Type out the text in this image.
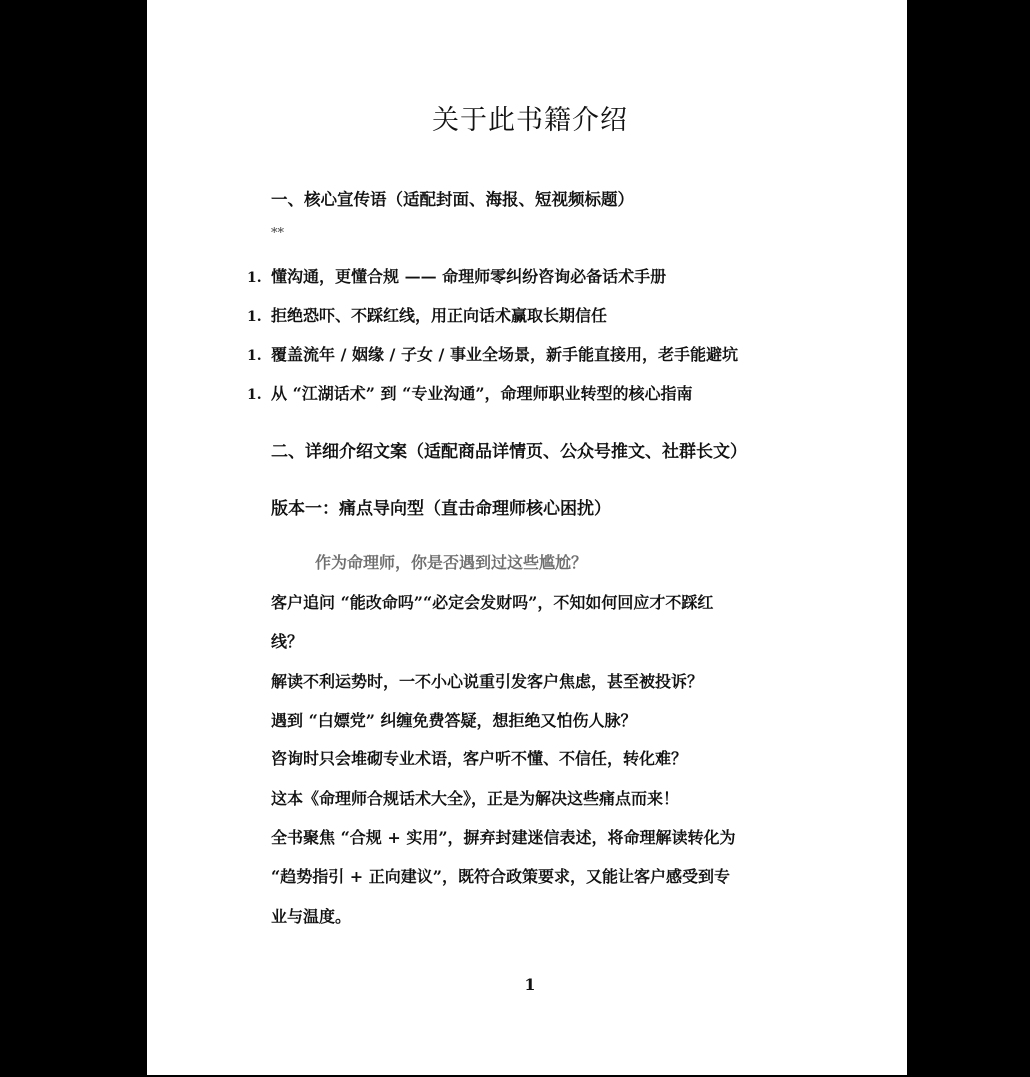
关于此书籍介绍
一、核心宣传语（适配封面、海报、短视频标题）
**
1. 懂沟通，更懂合规 —— 命理师零纠纷咨询必备话术手册
1. 拒绝恐吓、不踩红线，用正向话术赢取长期信任
1. 覆盖流年 / 姻缘 / 子女 / 事业全场景，新手能直接用，老手能避坑
1. 从 “江湖话术” 到 “专业沟通”，命理师职业转型的核心指南
二、详细介绍文案（适配商品详情页、公众号推文、社群长文）
版本一：痛点导向型（直击命理师核心困扰）
作为命理师，你是否遇到过这些尴尬？
客户追问 “能改命吗”“必定会发财吗”，不知如何回应才不踩红
线？
解读不利运势时，一不小心说重引发客户焦虑，甚至被投诉？
遇到 “白嫖党” 纠缠免费答疑，想拒绝又怕伤人脉？
咨询时只会堆砌专业术语，客户听不懂、不信任，转化难？
这本《命理师合规话术大全》，正是为解决这些痛点而来！
全书聚焦 “合规 + 实用”，摒弃封建迷信表述，将命理解读转化为
“趋势指引 + 正向建议”，既符合政策要求，又能让客户感受到专
业与温度。
1
